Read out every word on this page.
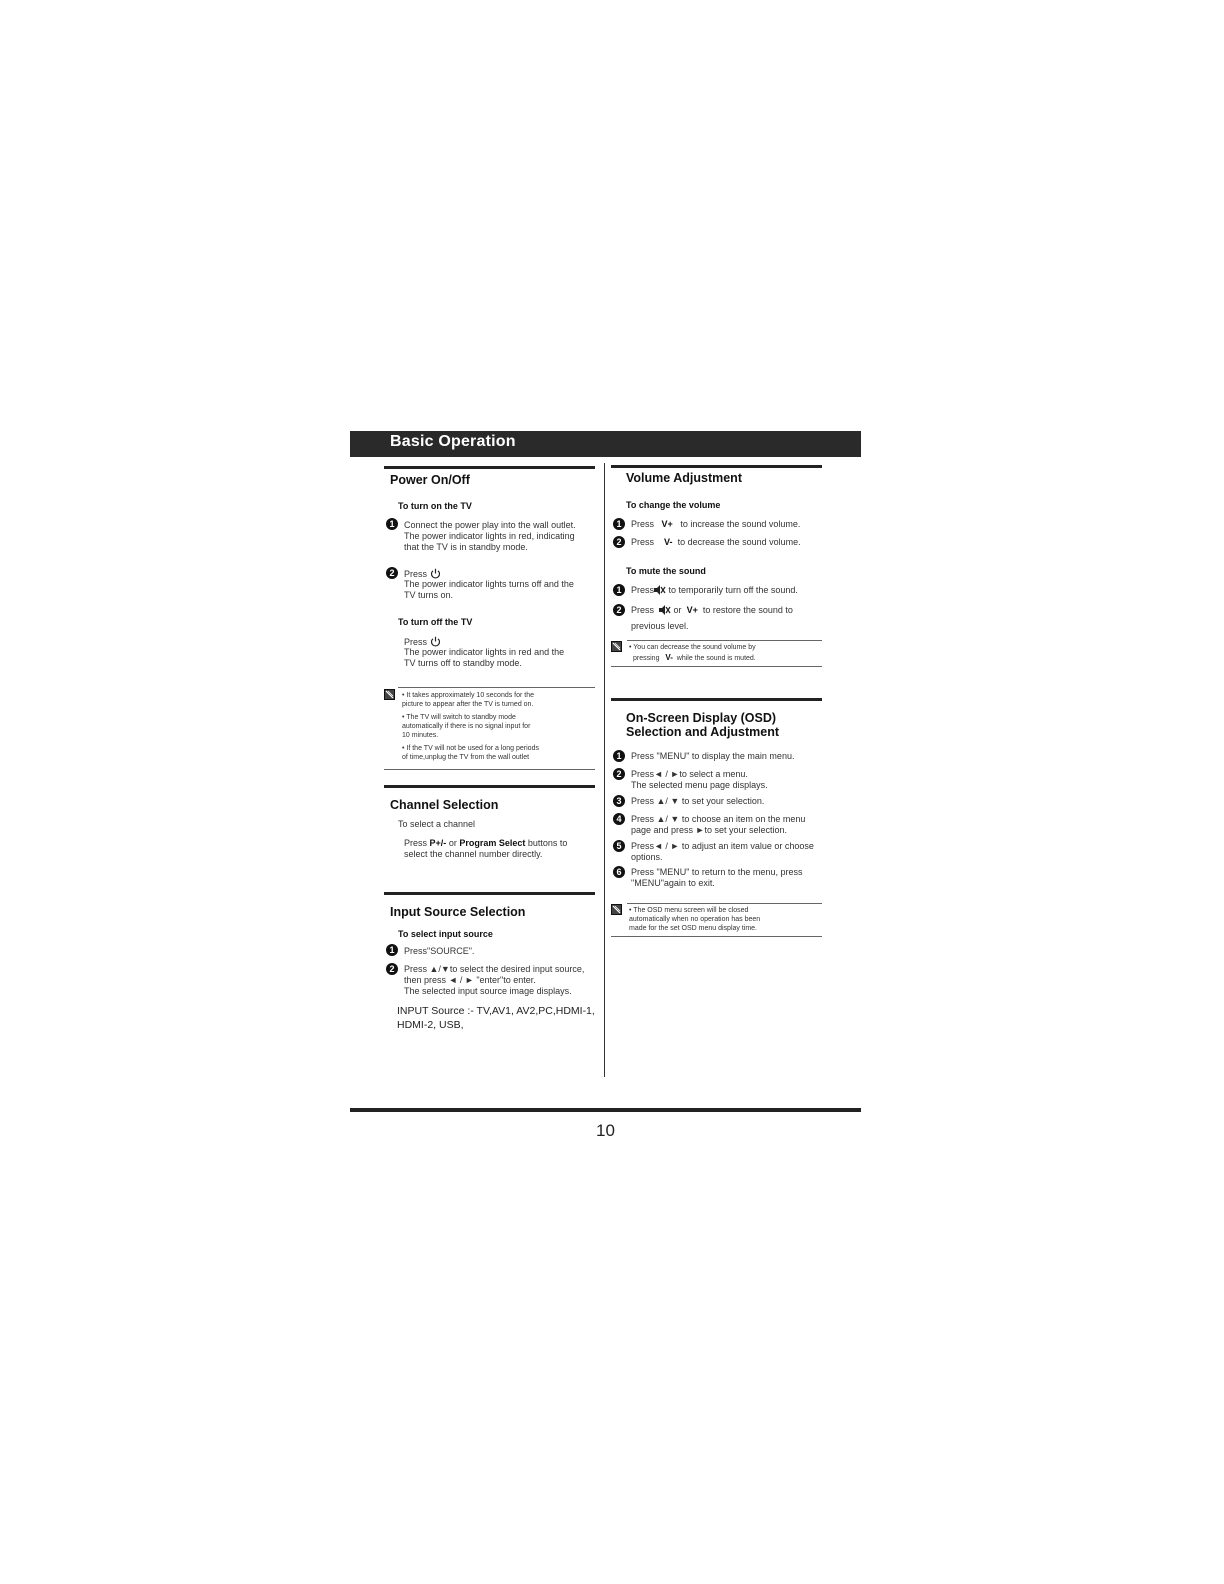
Basic Operation
Power On/Off
To turn on the TV
1	Connect the power play into the wall outlet.
The power indicator lights in red, indicating
that the TV is in standby mode.
2	Press
The power indicator lights turns off and the
TV turns on.
To turn off the TV
Press
The power indicator lights in red and the
TV turns off to standby mode.
• It takes approximately 10 seconds for the
picture to appear after the TV is turned on.
• The TV will switch to standby mode
automatically if there is no signal input for
10 minutes.
• If the TV will not be used for a long periods
of time,unplug the TV from the wall outlet
Channel Selection
To select a channel
Press P+/- or Program Select buttons to
select the channel number directly.
Input Source Selection
To select input source
1	Press"SOURCE".
2	Press ▲/▼to select the desired input source,
then press ◄ / ► "enter"to enter.
The selected input source image displays.
INPUT Source :- TV,AV1, AV2,PC,HDMI-1,
HDMI-2, USB,
Volume Adjustment
To change the volume
1	Press V+ to increase the sound volume.
2	Press V- to decrease the sound volume.
To mute the sound
1	Press to temporarily turn off the sound.
2	Press or V+ to restore the sound to
previous level.
• You can decrease the sound volume by
pressing V- while the sound is muted.
On-Screen Display (OSD)
Selection and Adjustment
1	Press "MENU" to display the main menu.
2	Press◄ / ►to select a menu.
The selected menu page displays.
3	Press ▲/ ▼ to set your selection.
4	Press ▲/ ▼ to choose an item on the menu
page and press ►to set your selection.
5	Press◄ / ► to adjust an item value or choose
options.
6	Press "MENU" to return to the menu, press
"MENU"again to exit.
• The OSD menu screen will be closed
automatically when no operation has been
made for the set OSD menu display time.
10
